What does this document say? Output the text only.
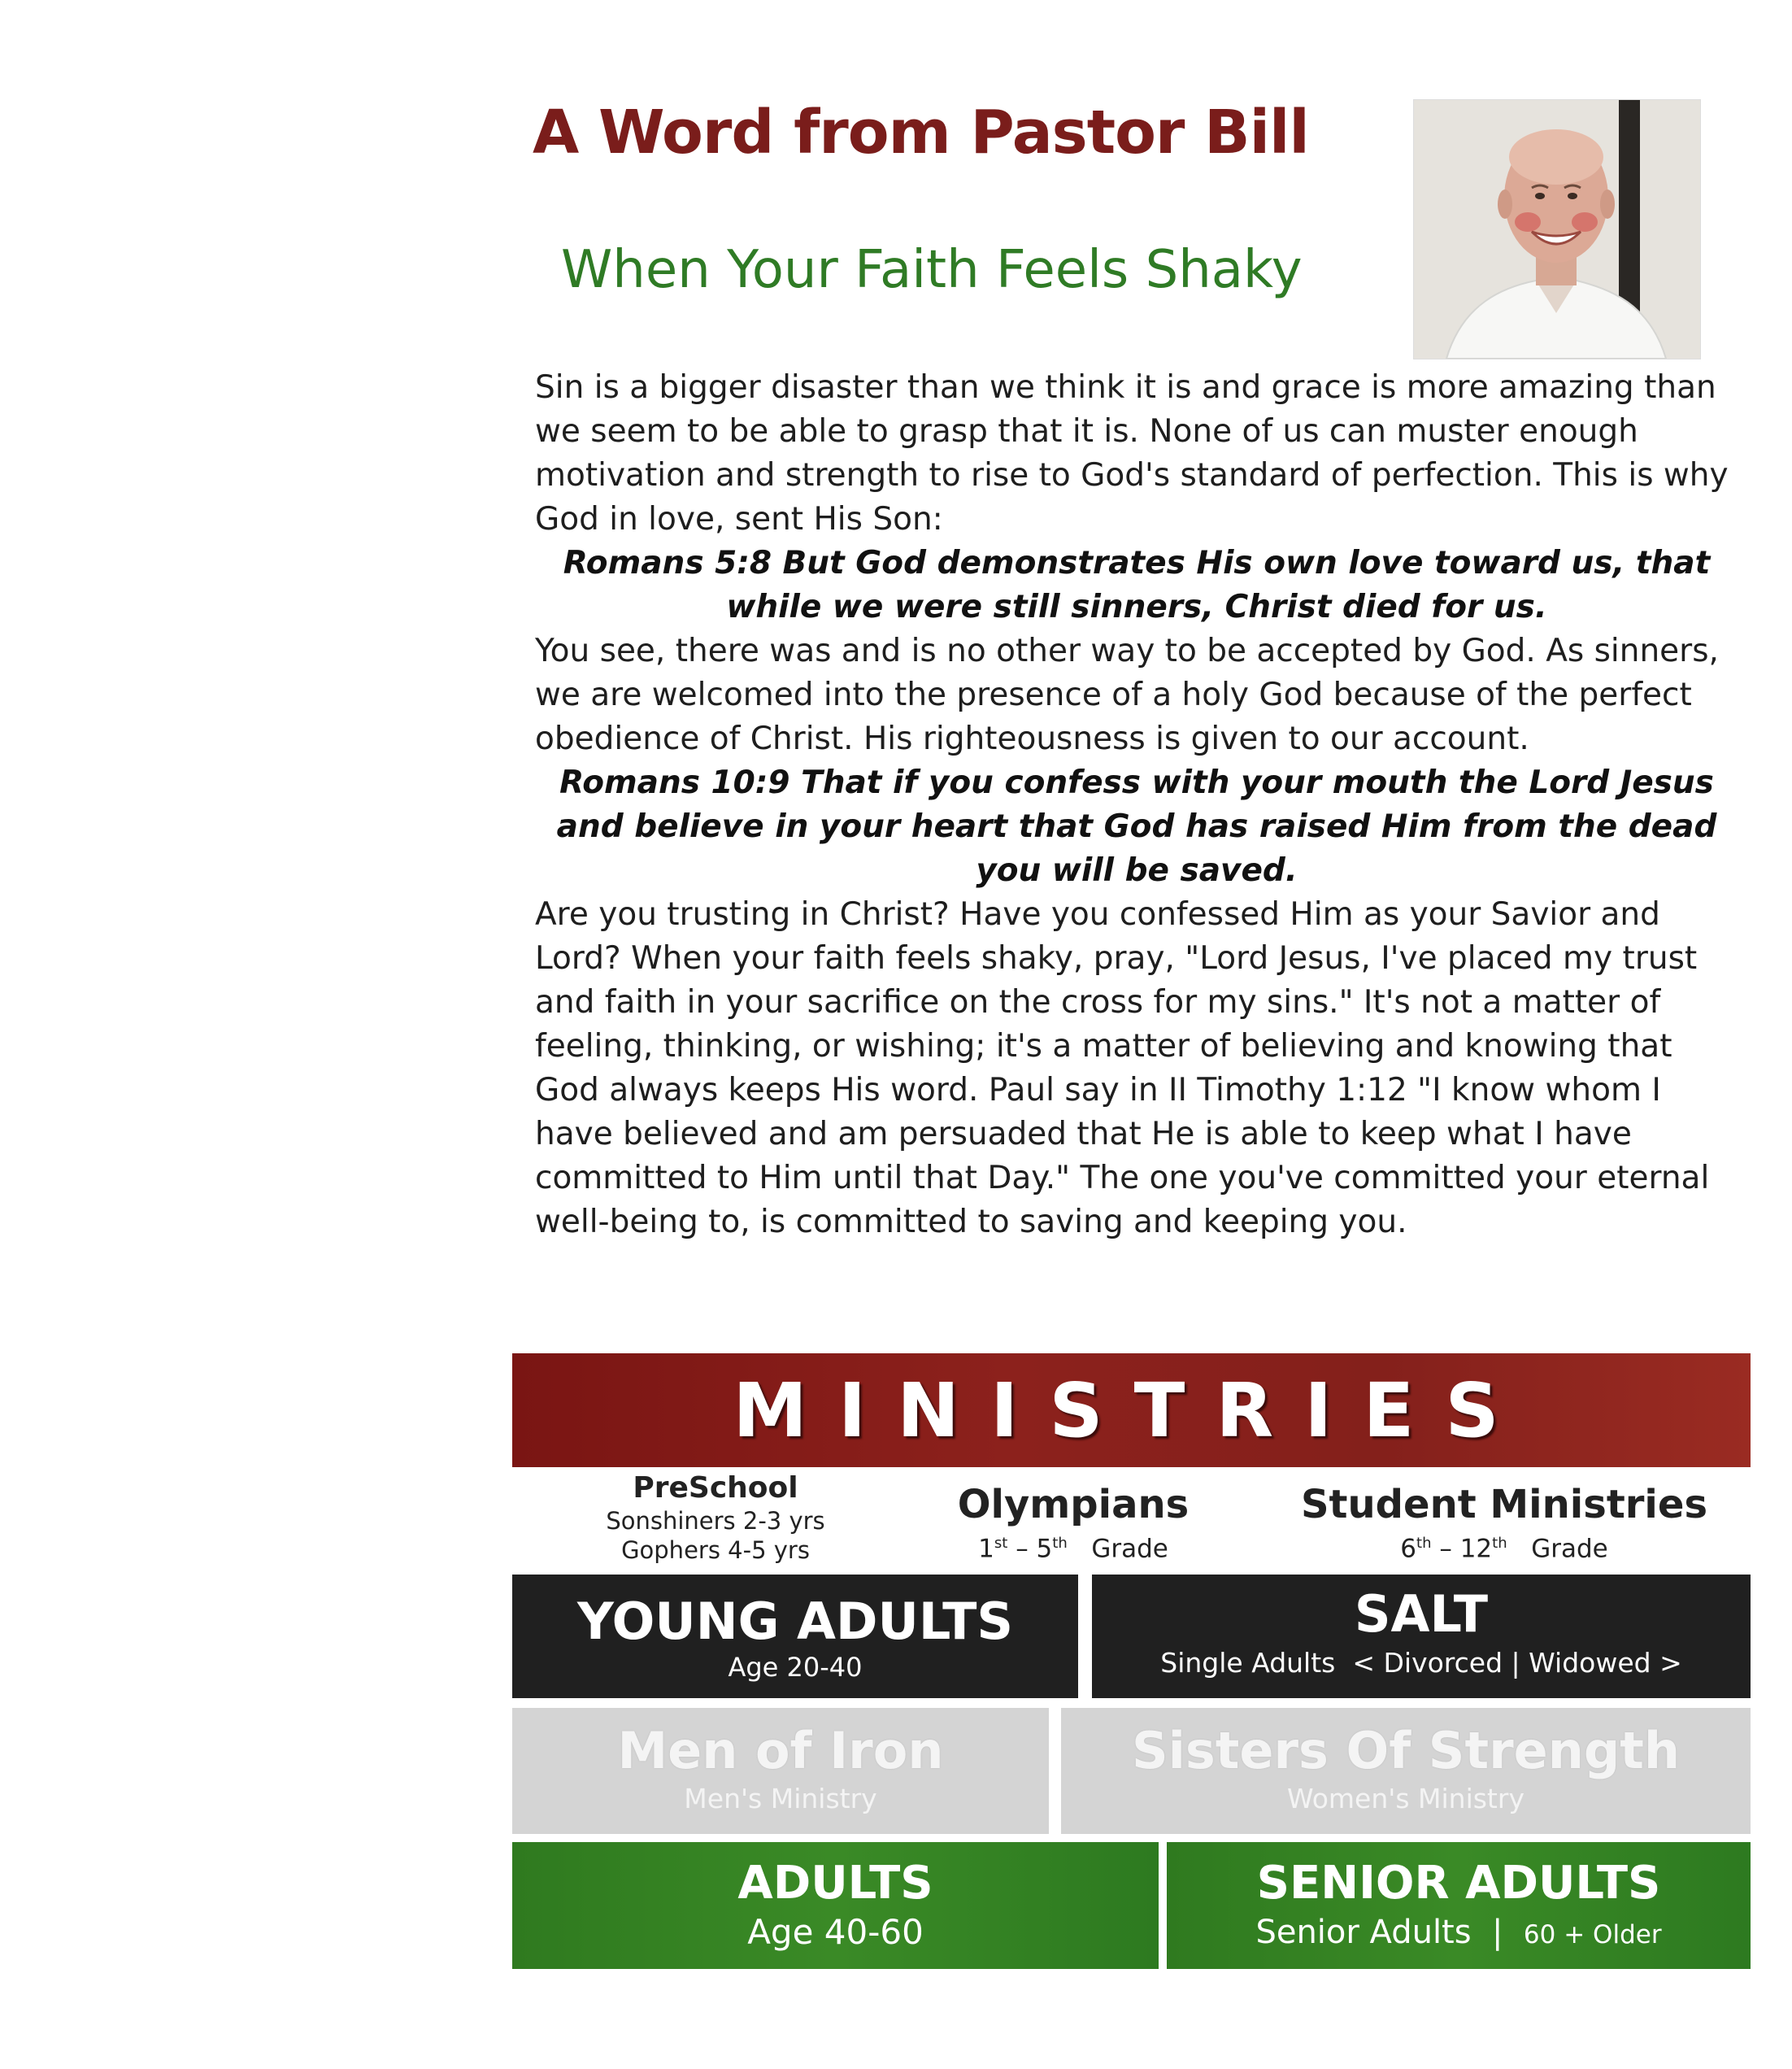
A Word from Pastor Bill
When Your Faith Feels Shaky

Sin is a bigger disaster than we think it is and grace is more amazing than we seem to be able to grasp that it is. None of us can muster enough motivation and strength to rise to God's standard of perfection. This is why God in love, sent His Son:

Romans 5:8 But God demonstrates His own love toward us, that while we were still sinners, Christ died for us.

You see, there was and is no other way to be accepted by God. As sinners, we are welcomed into the presence of a holy God because of the perfect obedience of Christ. His righteousness is given to our account.

Romans 10:9 That if you confess with your mouth the Lord Jesus and believe in your heart that God has raised Him from the dead you will be saved.

Are you trusting in Christ? Have you confessed Him as your Savior and Lord? When your faith feels shaky, pray, "Lord Jesus, I've placed my trust and faith in your sacrifice on the cross for my sins." It's not a matter of feeling, thinking, or wishing; it's a matter of believing and knowing that God always keeps His word. Paul say in II Timothy 1:12 "I know whom I have believed and am persuaded that He is able to keep what I have committed to Him until that Day." The one you've committed your eternal well-being to, is committed to saving and keeping you.

MINISTRIES
PreSchool
Sonshiners 2-3 yrs
Gophers 4-5 yrs
Olympians
1st – 5th Grade
Student Ministries
6th – 12th Grade
YOUNG ADULTS
Age 20-40
SALT
Single Adults < Divorced | Widowed >
Men of Iron
Men's Ministry
Sisters Of Strength
Women's Ministry
ADULTS
Age 40-60
SENIOR ADULTS
Senior Adults  |  60 + Older
